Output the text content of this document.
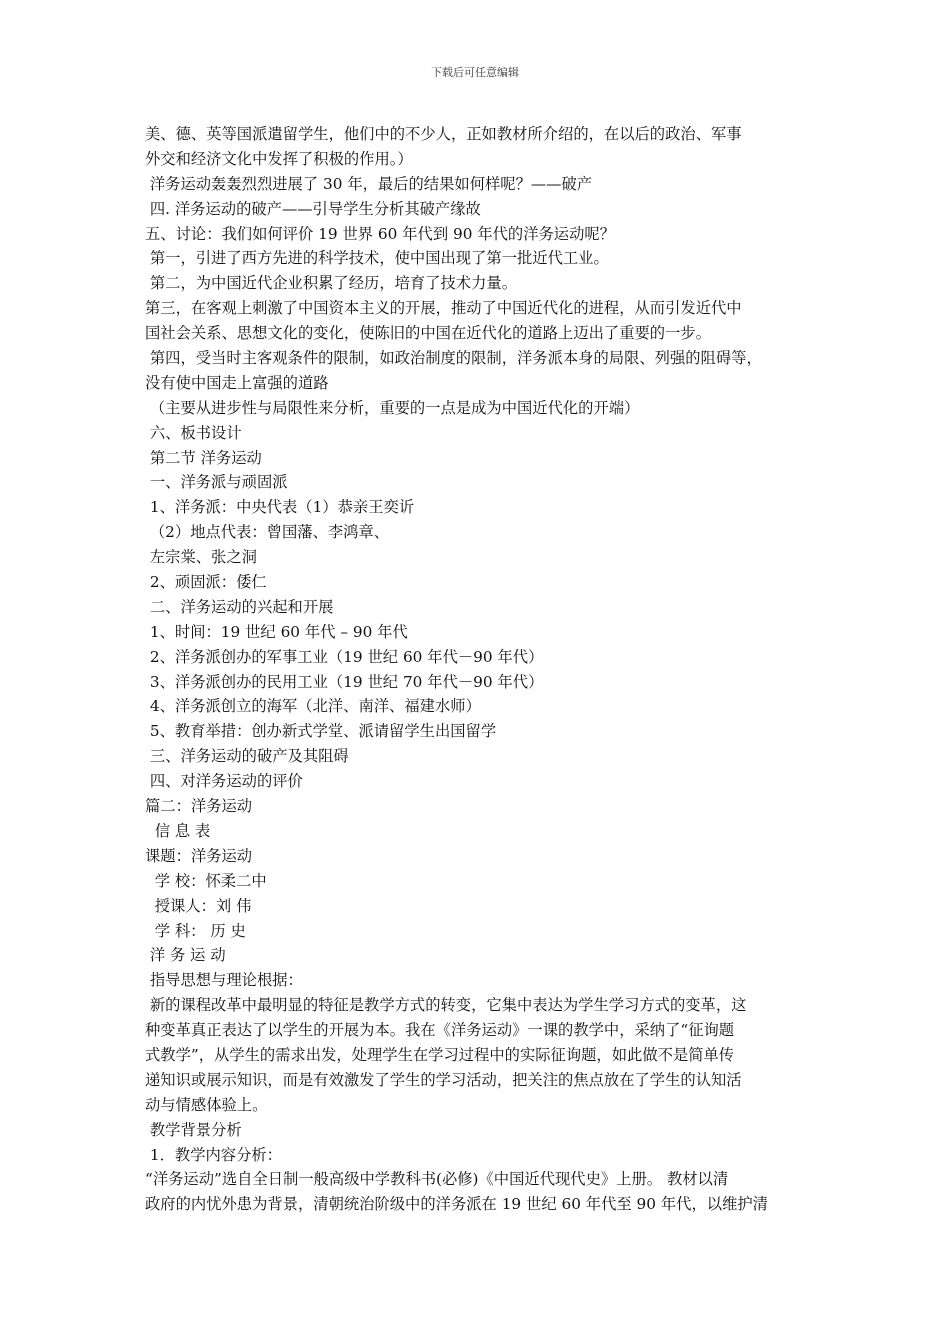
下载后可任意编辑
美、德、英等国派遣留学生，他们中的不少人，正如教材所介绍的，在以后的政治、军事
外交和经济文化中发挥了积极的作用。）
洋务运动轰轰烈烈进展了 30 年，最后的结果如何样呢？——破产
四. 洋务运动的破产——引导学生分析其破产缘故
五、讨论：我们如何评价 19 世界 60 年代到 90 年代的洋务运动呢？
第一，引进了西方先进的科学技术，使中国出现了第一批近代工业。
第二，为中国近代企业积累了经历，培育了技术力量。
第三，在客观上刺激了中国资本主义的开展，推动了中国近代化的进程，从而引发近代中
国社会关系、思想文化的变化，使陈旧的中国在近代化的道路上迈出了重要的一步。
第四，受当时主客观条件的限制，如政治制度的限制，洋务派本身的局限、列强的阻碍等，
没有使中国走上富强的道路
（主要从进步性与局限性来分析，重要的一点是成为中国近代化的开端）
六、板书设计
第二节 洋务运动
一、洋务派与顽固派
1、洋务派：中央代表（1）恭亲王奕䜣
（2）地点代表：曾国藩、李鸿章、
左宗棠、张之洞
2、顽固派：倭仁
二、洋务运动的兴起和开展
1、时间：19 世纪 60 年代 – 90 年代
2、洋务派创办的军事工业（19 世纪 60 年代－90 年代）
3、洋务派创办的民用工业（19 世纪 70 年代－90 年代）
4、洋务派创立的海军（北洋、南洋、福建水师）
5、教育举措：创办新式学堂、派请留学生出国留学
三、洋务运动的破产及其阻碍
四、对洋务运动的评价
篇二：洋务运动
信 息 表
课题：洋务运动
学 校：怀柔二中
授课人：刘 伟
学 科： 历 史
洋 务 运 动
指导思想与理论根据：
新的课程改革中最明显的特征是教学方式的转变，它集中表达为学生学习方式的变革，这
种变革真正表达了以学生的开展为本。我在《洋务运动》一课的教学中，采纳了“征询题
式教学”，从学生的需求出发，处理学生在学习过程中的实际征询题，如此做不是简单传
递知识或展示知识，而是有效激发了学生的学习活动，把关注的焦点放在了学生的认知活
动与情感体验上。
教学背景分析
1．教学内容分析：
“洋务运动”选自全日制一般高级中学教科书(必修)《中国近代现代史》上册。 教材以清
政府的内忧外患为背景，清朝统治阶级中的洋务派在 19 世纪 60 年代至 90 年代，以维护清
